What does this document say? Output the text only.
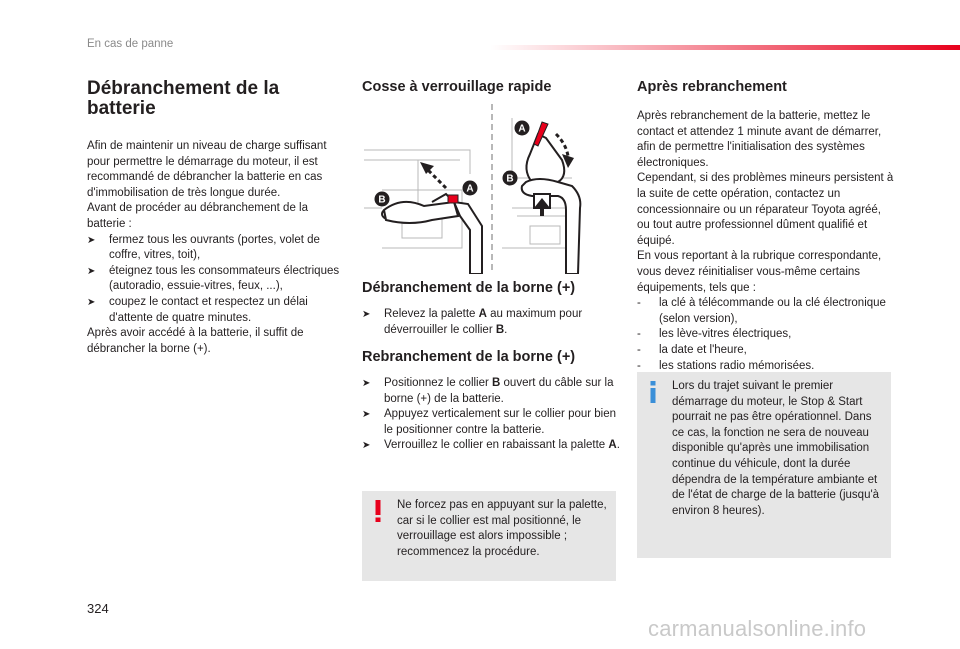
En cas de panne
Débranchement de la batterie

Afin de maintenir un niveau de charge suffisant pour permettre le démarrage du moteur, il est recommandé de débrancher la batterie en cas d'immobilisation de très longue durée.

Avant de procéder au débranchement de la batterie :

➤ fermez tous les ouvrants (portes, volet de coffre, vitres, toit),
➤ éteignez tous les consommateurs électriques (autoradio, essuie-vitres, feux, ...),
➤ coupez le contact et respectez un délai d'attente de quatre minutes.

Après avoir accédé à la batterie, il suffit de débrancher la borne (+).

Cosse à verrouillage rapide
A
B
A
B
Débranchement de la borne (+)
➤ Relevez la palette A au maximum pour déverrouiller le collier B.
Rebranchement de la borne (+)
➤ Positionnez le collier B ouvert du câble sur la borne (+) de la batterie.
➤ Appuyez verticalement sur le collier pour bien le positionner contre la batterie.
➤ Verrouillez le collier en rabaissant la palette A.
Ne forcez pas en appuyant sur la palette, car si le collier est mal positionné, le verrouillage est alors impossible ; recommencez la procédure.
Après rebranchement

Après rebranchement de la batterie, mettez le contact et attendez 1 minute avant de démarrer, afin de permettre l'initialisation des systèmes électroniques.

Cependant, si des problèmes mineurs persistent à la suite de cette opération, contactez un concessionnaire ou un réparateur Toyota agréé, ou tout autre professionnel dûment qualifié et équipé.

En vous reportant à la rubrique correspondante, vous devez réinitialiser vous-même certains équipements, tels que :

- la clé à télécommande ou la clé électronique (selon version),
- les lève-vitres électriques,
- la date et l'heure,
- les stations radio mémorisées.
Lors du trajet suivant le premier démarrage du moteur, le Stop & Start pourrait ne pas être opérationnel. Dans ce cas, la fonction ne sera de nouveau disponible qu'après une immobilisation continue du véhicule, dont la durée dépendra de la température ambiante et de l'état de charge de la batterie (jusqu'à environ 8 heures).
324
carmanualsonline.info
